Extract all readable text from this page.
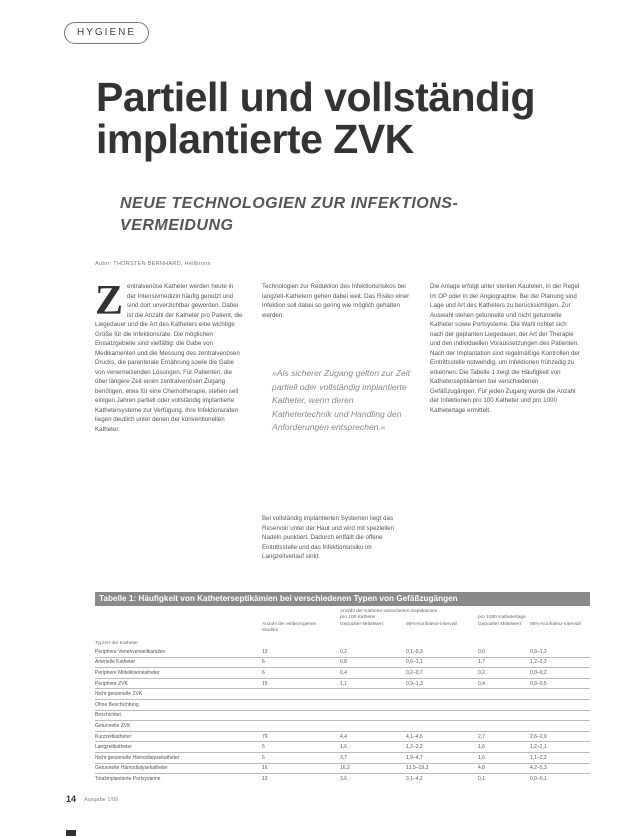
HYGIENE
Partiell und vollständig implantierte ZVK
NEUE TECHNOLOGIEN ZUR INFEKTIONS-VERMEIDUNG
Autor: THORSTEN BERNHARD, Heilbronn
Z entralvenöse Katheter werden heute in der Intensivmedizin häufig genutzt und sind dort unverzichtbar geworden. Dabei ist die Anzahl der Katheter pro Patient, die Liegedauer und die Art des Katheters eine wichtige Größe für die Infektionsrate. Die möglichen Einsatzgebiete sind vielfältig: die Gabe von Medikamenten und die Messung des zentralvenösen Drucks, die parenterale Ernährung sowie die Gabe von venenreizenden Lösungen. Für Patienten, die über längere Zeit einen zentralvenösen Zugang benötigen, etwa für eine Chemotherapie, stehen seit einigen Jahren partiell oder vollständig implantierte Kathetersysteme zur Verfügung. Ihre Infektionsraten liegen deutlich unter denen der konventionellen Katheter.

Technologien zur Reduktion des Infektionsrisikos bei langzeit-Kathetern gehen dabei weit. Das Risiko einer Infektion soll dabei so gering wie möglich gehalten werden.

»Als sicherer Zugang gelten zur Zeit partiell oder vollständig implantierte Katheter, wenn deren Kathetertechnik und Handling den Anforderungen entsprechen.«

Bei vollständig implantierten Systemen liegt das Reservoir unter der Haut und wird mit speziellen Nadeln punktiert. Dadurch entfällt die offene Eintrittsstelle und das Infektionsrisiko im Langzeitverlauf sinkt.

Die Anlage erfolgt unter sterilen Kautelen, in der Regel im OP oder in der Angiographie. Bei der Planung sind Lage und Art des Katheters zu berücksichtigen. Zur Auswahl stehen getunnelte und nicht getunnelte Katheter sowie Portsysteme. Die Wahl richtet sich nach der geplanten Liegedauer, der Art der Therapie und den individuellen Voraussetzungen des Patienten. Nach der Implantation sind regelmäßige Kontrollen der Eintrittsstelle notwendig, um Infektionen frühzeitig zu erkennen. Die Tabelle 1 zeigt die Häufigkeit von Katheterseptikämien bei verschiedenen Gefäßzugängen. Für jeden Zugang wurde die Anzahl der Infektionen pro 100 Katheter und pro 1000 Kathetertage ermittelt.

Tabelle 1: Häufigkeit von Katheterseptikämien bei verschiedenen Typen von Gefäßzugängen
Anzahl der Katheter-assoziierten Septikämien
pro 100 Katheter	pro 1000 Kathetertage
Anzahl der einbezogenen Studien
Gepoolter Mittelwert	95%-Konfidenz-intervall	Gepoolter Mittelwert	95%-Konfidenz-intervall
Typ/Art der Katheter
Periphere Venenverweilkanülen	13	0,2	0,1–0,3	0,6	0,3–1,2
Arterielle Katheter	6	0,8	0,6–1,1	1,7	1,2–2,3
Periphere Mittellinienkatheter	6	0,4	0,2–0,7	0,2	0,0–0,2
Periphere ZVK	15	1,1	0,9–1,3	0,4	0,3–0,5
Nicht getunnelte ZVK					
Ohne Beschichtung					
Beschichtet					
Getunnelte ZVK					
Kurzzeitkatheter	79	4,4	4,1–4,6	2,7	2,6–2,9
Langzeitkatheter	5	1,6	1,2–2,2	1,6	1,2–2,1
Nicht getunnelte Hämodialysekatheter	6	3,7	1,9–4,7	1,6	1,1–2,2
Getunnelte Hämodialysekatheter	16	16,2	13,5–19,3	4,8	4,2–5,3
Totalimplantierte Portsysteme	13	3,6	3,1–4,2	0,1	0,0–0,1
14 Ausgabe 1/09
